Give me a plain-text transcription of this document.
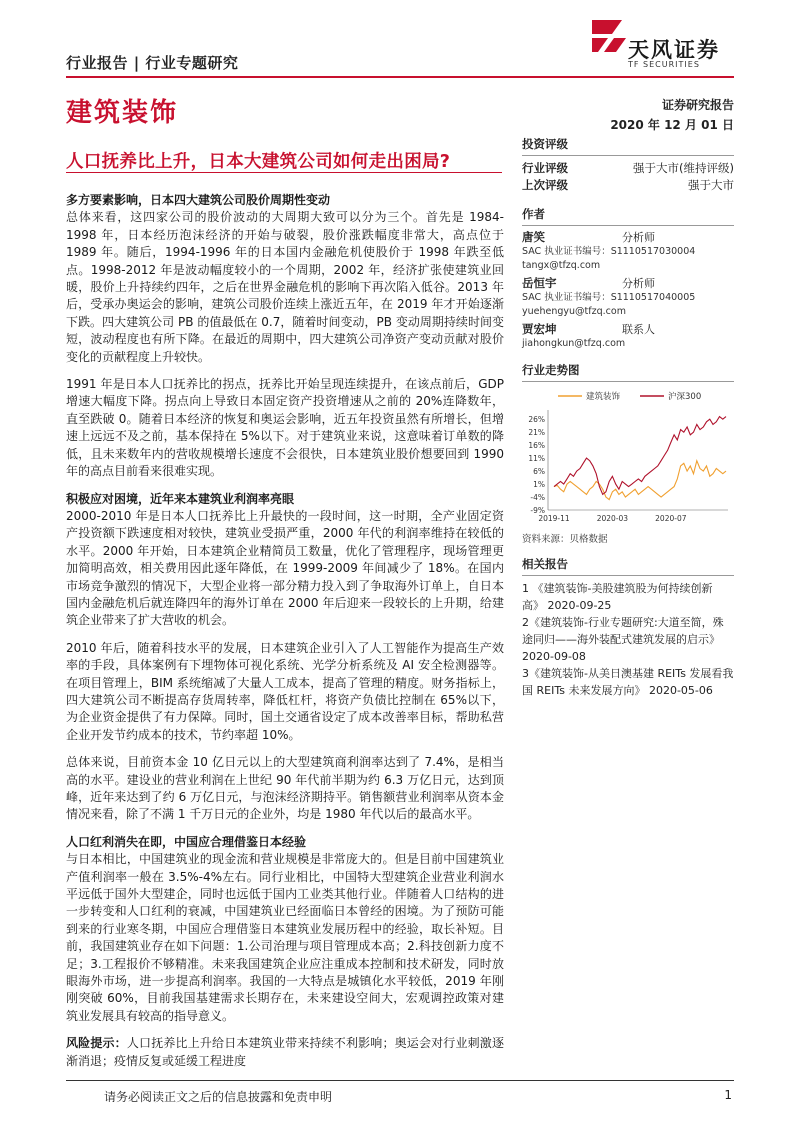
行业报告 | 行业专题研究
天风证券
TF SECURITIES
建筑装饰	证券研究报告
2020 年 12 月 01 日
人口抚养比上升，日本大建筑公司如何走出困局?

多方要素影响，日本四大建筑公司股价周期性变动

总体来看，这四家公司的股价波动的大周期大致可以分为三个。首先是 1984-1998 年，日本经历泡沫经济的开始与破裂，股价涨跌幅度非常大，高点位于 1989 年。随后，1994-1996 年的日本国内金融危机使股价于 1998 年跌至低点。1998-2012 年是波动幅度较小的一个周期，2002 年，经济扩张使建筑业回暖，股价上升持续约四年，之后在世界金融危机的影响下再次陷入低谷。2013 年后，受承办奥运会的影响，建筑公司股价连续上涨近五年，在 2019 年才开始逐渐下跌。四大建筑公司 PB 的值最低在 0.7，随着时间变动，PB 变动周期持续时间变短，波动程度也有所下降。在最近的周期中，四大建筑公司净资产变动贡献对股价变化的贡献程度上升较快。

1991 年是日本人口抚养比的拐点，抚养比开始呈现连续提升，在该点前后，GDP 增速大幅度下降。拐点向上导致日本固定资产投资增速从之前的 20%连降数年，直至跌破 0。随着日本经济的恢复和奥运会影响，近五年投资虽然有所增长，但增速上远远不及之前，基本保持在 5%以下。对于建筑业来说，这意味着订单数的降低，且未来数年内的营收规模增长速度不会很快，日本建筑业股价想要回到 1990 年的高点目前看来很难实现。

积极应对困境，近年来本建筑业利润率亮眼

2000-2010 年是日本人口抚养比上升最快的一段时间，这一时期，全产业固定资产投资额下跌速度相对较快，建筑业受损严重，2000 年代的利润率维持在较低的水平。2000 年开始，日本建筑企业精简员工数量，优化了管理程序，现场管理更加简明高效，相关费用因此逐年降低，在 1999-2009 年间减少了 18%。在国内市场竞争激烈的情况下，大型企业将一部分精力投入到了争取海外订单上，自日本国内金融危机后就连降四年的海外订单在 2000 年后迎来一段较长的上升期，给建筑企业带来了扩大营收的机会。

2010 年后，随着科技水平的发展，日本建筑企业引入了人工智能作为提高生产效率的手段，具体案例有下埋物体可视化系统、光学分析系统及 AI 安全检测器等。在项目管理上，BIM 系统缩减了大量人工成本，提高了管理的精度。财务指标上，四大建筑公司不断提高存货周转率，降低杠杆，将资产负债比控制在 65%以下，为企业资金提供了有力保障。同时，国土交通省设定了成本改善率目标，帮助私营企业开发节约成本的技术，节约率超 10%。

总体来说，目前资本金 10 亿日元以上的大型建筑商利润率达到了 7.4%，是相当高的水平。建设业的营业利润在上世纪 90 年代前半期为约 6.3 万亿日元，达到顶峰，近年来达到了约 6 万亿日元，与泡沫经济期持平。销售额营业利润率从资本金情况来看，除了不满 1 千万日元的企业外，均是 1980 年代以后的最高水平。

人口红利消失在即，中国应合理借鉴日本经验

与日本相比，中国建筑业的现金流和营业规模是非常庞大的。但是目前中国建筑业产值利润率一般在 3.5%-4%左右。同行业相比，中国特大型建筑企业营业利润水平远低于国外大型建企，同时也远低于国内工业类其他行业。伴随着人口结构的进一步转变和人口红利的衰减，中国建筑业已经面临日本曾经的困境。为了预防可能到来的行业寒冬期，中国应合理借鉴日本建筑业发展历程中的经验，取长补短。目前，我国建筑业存在如下问题：1.公司治理与项目管理成本高；2.科技创新力度不足；3.工程报价不够精准。未来我国建筑企业应注重成本控制和技术研发，同时放眼海外市场，进一步提高利润率。我国的一大特点是城镇化水平较低，2019 年刚刚突破 60%，目前我国基建需求长期存在，未来建设空间大，宏观调控政策对建筑业发展具有较高的指导意义。

风险提示：人口抚养比上升给日本建筑业带来持续不利影响；奥运会对行业刺激逐渐消退；疫情反复或延缓工程进度

投资评级
行业评级	强于大市(维持评级)
上次评级	强于大市
作者
唐笑	分析师
SAC 执业证书编号：S1110517030004
tangx@tfzq.com
岳恒宇	分析师
SAC 执业证书编号：S1110517040005
yuehengyu@tfzq.com
贾宏坤	联系人
jiahongkun@tfzq.com
行业走势图
建筑装饰	沪深300
26%
21%
16%
11%
6%
1%
-4%
-9%
2019-11	2020-03	2020-07
资料来源：贝格数据
相关报告
1 《建筑装饰-美股建筑股为何持续创新高》 2020-09-25
2《建筑装饰-行业专题研究:大道至简，殊途同归——海外装配式建筑发展的启示》 2020-09-08
3《建筑装饰-从美日澳基建 REITs 发展看我国 REITs 未来发展方向》 2020-05-06
请务必阅读正文之后的信息披露和免责申明	1
